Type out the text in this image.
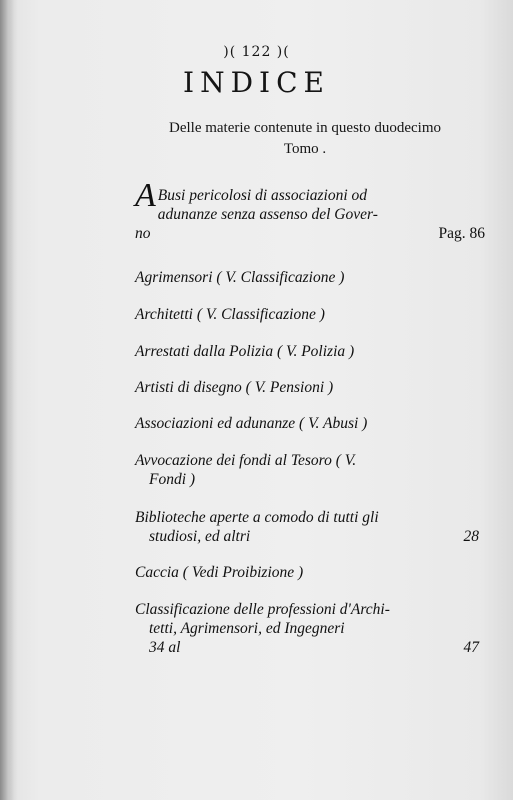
)( 122 )(
INDICE
Delle materie contenute in questo duodecimo
Tomo .
A Busi pericolosi di associazioni od
adunanze senza assenso del Gover-
no	Pag. 86
Agrimensori ( V. Classificazione )
Architetti ( V. Classificazione )
Arrestati dalla Polizia ( V. Polizia )
Artisti di disegno ( V. Pensioni )
Associazioni ed adunanze ( V. Abusi )
Avvocazione dei fondi al Tesoro ( V.
Fondi )
Biblioteche aperte a comodo di tutti gli
studiosi, ed altri	28
Caccia ( Vedi Proibizione )
Classificazione delle professioni d'Archi-
tetti, Agrimensori, ed Ingegneri
34 al	47
